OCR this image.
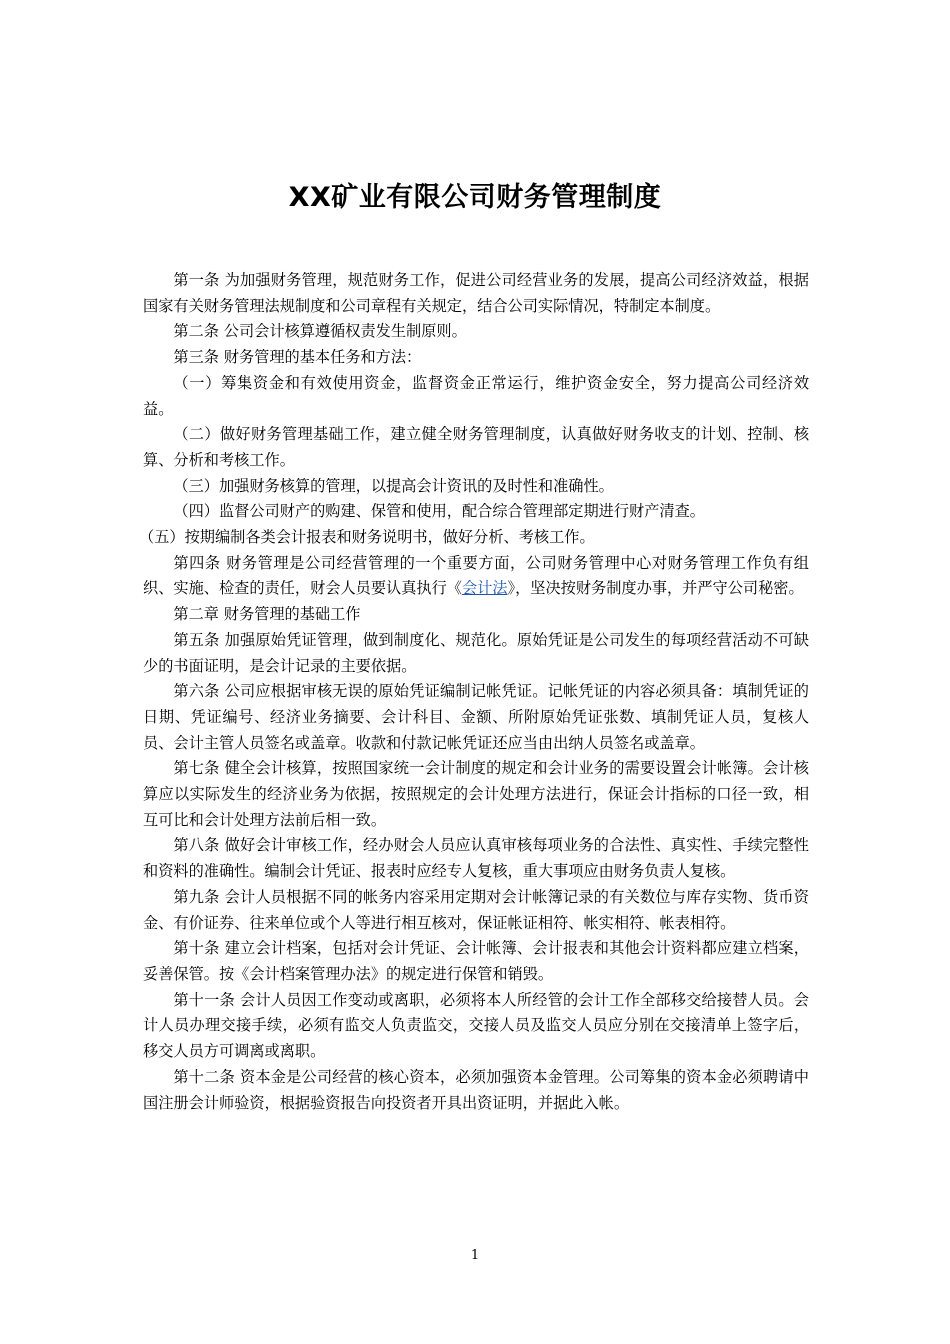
XX矿业有限公司财务管理制度

第一条 为加强财务管理，规范财务工作，促进公司经营业务的发展，提高公司经济效益，根据国家有关财务管理法规制度和公司章程有关规定，结合公司实际情况，特制定本制度。

第二条 公司会计核算遵循权责发生制原则。

第三条 财务管理的基本任务和方法：

（一）筹集资金和有效使用资金，监督资金正常运行，维护资金安全，努力提高公司经济效益。

（二）做好财务管理基础工作，建立健全财务管理制度，认真做好财务收支的计划、控制、核算、分析和考核工作。

（三）加强财务核算的管理，以提高会计资讯的及时性和准确性。

（四）监督公司财产的购建、保管和使用，配合综合管理部定期进行财产清查。

（五）按期编制各类会计报表和财务说明书，做好分析、考核工作。

第四条 财务管理是公司经营管理的一个重要方面，公司财务管理中心对财务管理工作负有组织、实施、检查的责任，财会人员要认真执行《会计法》，坚决按财务制度办事，并严守公司秘密。

第二章 财务管理的基础工作

第五条 加强原始凭证管理，做到制度化、规范化。原始凭证是公司发生的每项经营活动不可缺少的书面证明，是会计记录的主要依据。

第六条 公司应根据审核无误的原始凭证编制记帐凭证。记帐凭证的内容必须具备：填制凭证的日期、凭证编号、经济业务摘要、会计科目、金额、所附原始凭证张数、填制凭证人员，复核人员、会计主管人员签名或盖章。收款和付款记帐凭证还应当由出纳人员签名或盖章。

第七条 健全会计核算，按照国家统一会计制度的规定和会计业务的需要设置会计帐簿。会计核算应以实际发生的经济业务为依据，按照规定的会计处理方法进行，保证会计指标的口径一致，相互可比和会计处理方法前后相一致。

第八条 做好会计审核工作，经办财会人员应认真审核每项业务的合法性、真实性、手续完整性和资料的准确性。编制会计凭证、报表时应经专人复核，重大事项应由财务负责人复核。

第九条 会计人员根据不同的帐务内容采用定期对会计帐簿记录的有关数位与库存实物、货币资金、有价证券、往来单位或个人等进行相互核对，保证帐证相符、帐实相符、帐表相符。

第十条 建立会计档案，包括对会计凭证、会计帐簿、会计报表和其他会计资料都应建立档案，妥善保管。按《会计档案管理办法》的规定进行保管和销毁。

第十一条 会计人员因工作变动或离职，必须将本人所经管的会计工作全部移交给接替人员。会计人员办理交接手续，必须有监交人负责监交，交接人员及监交人员应分别在交接清单上签字后，移交人员方可调离或离职。

第十二条 资本金是公司经营的核心资本，必须加强资本金管理。公司筹集的资本金必须聘请中国注册会计师验资，根据验资报告向投资者开具出资证明，并据此入帐。

1
